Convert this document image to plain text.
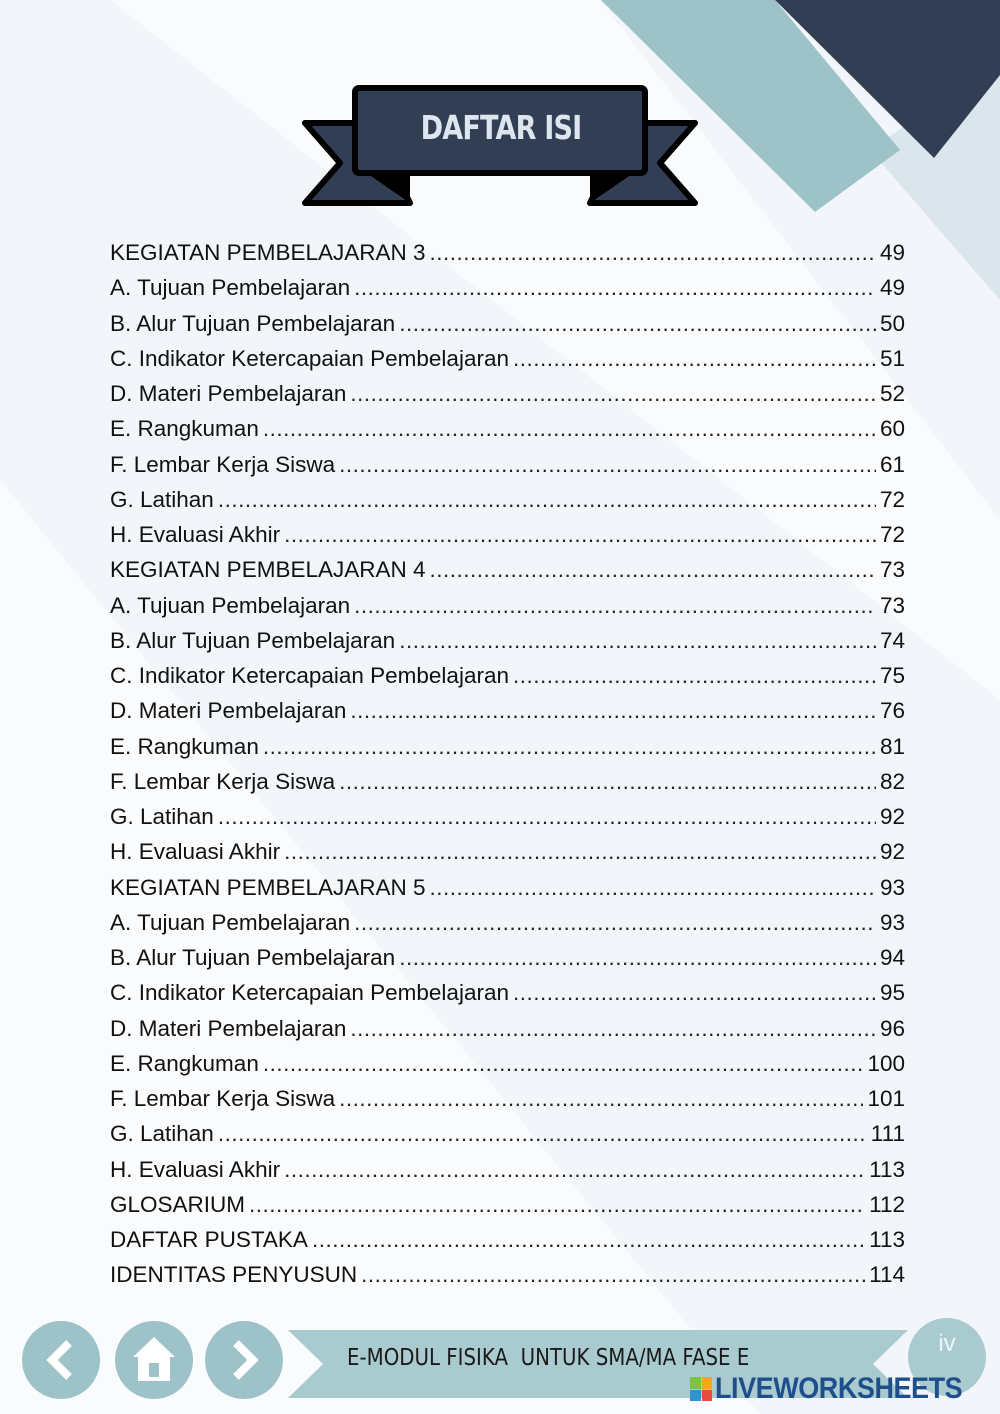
DAFTAR ISI
KEGIATAN PEMBELAJARAN 3 .....	49
A. Tujuan Pembelajaran .....	49
B. Alur Tujuan Pembelajaran .....	50
C. Indikator Ketercapaian Pembelajaran .....	51
D. Materi Pembelajaran .....	52
E. Rangkuman .....	60
F. Lembar Kerja Siswa .....	61
G. Latihan .....	72
H. Evaluasi Akhir .....	72
KEGIATAN PEMBELAJARAN 4 .....	73
A. Tujuan Pembelajaran .....	73
B. Alur Tujuan Pembelajaran .....	74
C. Indikator Ketercapaian Pembelajaran .....	75
D. Materi Pembelajaran .....	76
E. Rangkuman .....	81
F. Lembar Kerja Siswa .....	82
G. Latihan .....	92
H. Evaluasi Akhir .....	92
KEGIATAN PEMBELAJARAN 5 .....	93
A. Tujuan Pembelajaran .....	93
B. Alur Tujuan Pembelajaran .....	94
C. Indikator Ketercapaian Pembelajaran .....	95
D. Materi Pembelajaran .....	96
E. Rangkuman .....	100
F. Lembar Kerja Siswa .....	101
G. Latihan .....	111
H. Evaluasi Akhir .....	113
GLOSARIUM .....	112
DAFTAR PUSTAKA .....	113
IDENTITAS PENYUSUN .....	114
E-MODUL FISIKA  UNTUK SMA/MA FASE E
iv
LIVEWORKSHEETS
